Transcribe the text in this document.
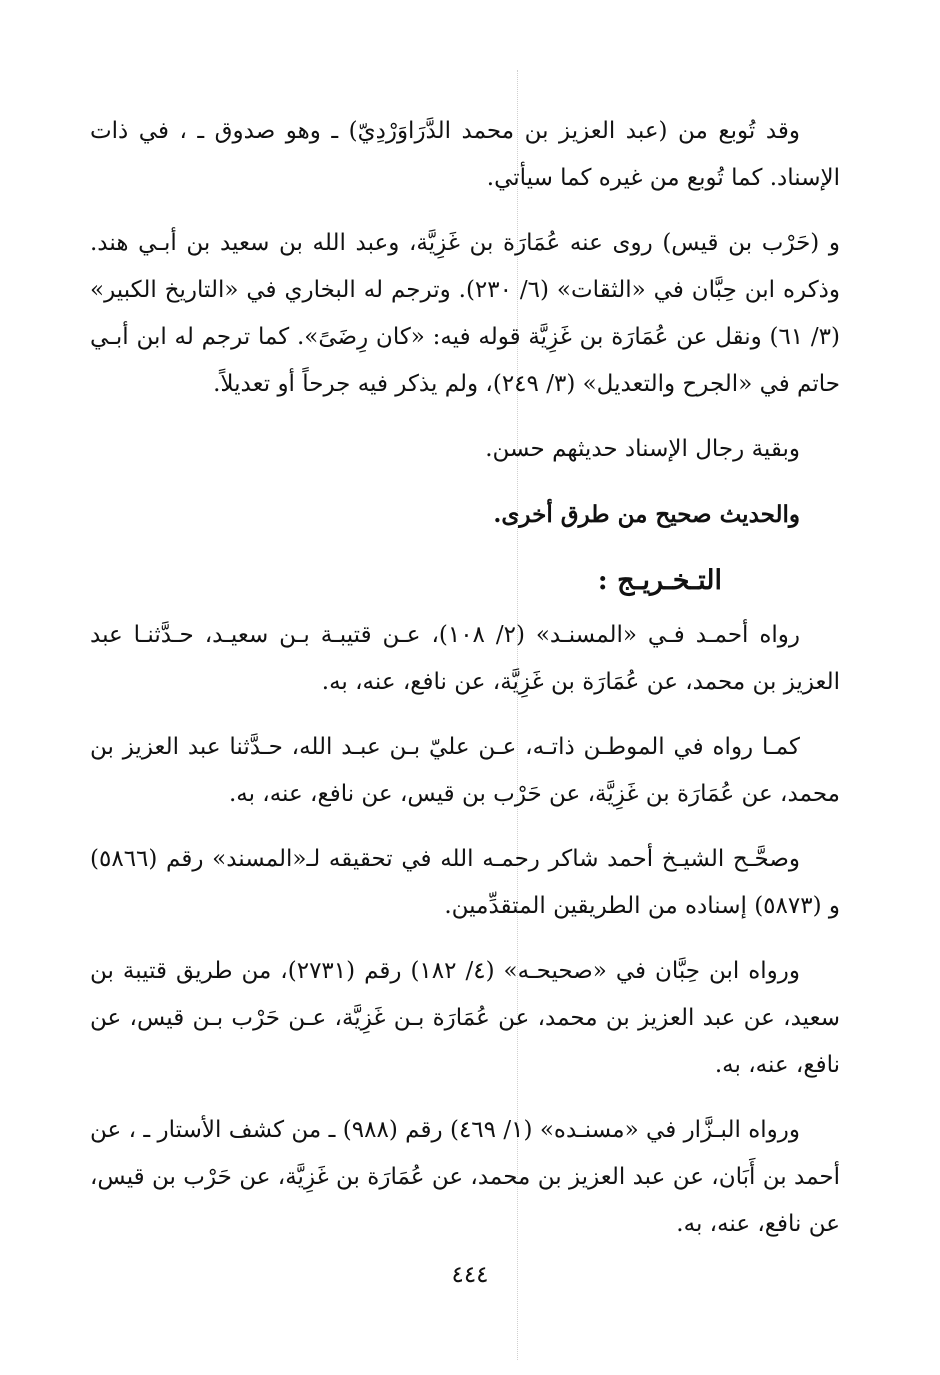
وقد تُوبع من (عبد العزيز بن محمد الدَّرَاوَرْدِيّ) ـ وهو صدوق ـ ، في ذات الإسناد. كما تُوبع من غيره كما سيأتي.

و (حَرْب بن قيس) روى عنه عُمَارَة بن غَزِيَّة، وعبد الله بن سعيد بن أبـي هند. وذكره ابن حِبَّان في «الثقات» (٦/ ٢٣٠). وترجم له البخاري في «التاريخ الكبير» (٣/ ٦١) ونقل عن عُمَارَة بن غَزِيَّة قوله فيه: «كان رِضَىً». كما ترجم له ابن أبـي حاتم في «الجرح والتعديل» (٣/ ٢٤٩)، ولم يذكر فيه جرحاً أو تعديلاً.

وبقية رجال الإسناد حديثهم حسن.

والحديث صحيح من طرق أخرى.

التـخـريـج :

رواه أحمـد فـي «المسنـد» (٢/ ١٠٨)، عـن قتيبـة بـن سعيـد، حـدَّثنـا عبد العزيز بن محمد، عن عُمَارَة بن غَزِيَّة، عن نافع، عنه، به.

كمـا رواه في الموطـن ذاتـه، عـن عليّ بـن عبـد الله، حـدَّثنا عبد العزيز بن محمد، عن عُمَارَة بن غَزِيَّة، عن حَرْب بن قيس، عن نافع، عنه، به.

وصحَّـح الشيـخ أحمد شاكر رحمـه الله في تحقيقه لـ«المسند» رقم (٥٨٦٦) و (٥٨٧٣) إسناده من الطريقين المتقدِّمين.

ورواه ابن حِبَّان في «صحيحـه» (٤/ ١٨٢) رقم (٢٧٣١)، من طريق قتيبة بن سعيد، عن عبد العزيز بن محمد، عن عُمَارَة بـن غَزِيَّة، عـن حَرْب بـن قيس، عن نافع، عنه، به.

ورواه البـزَّار في «مسنـده» (١/ ٤٦٩) رقم (٩٨٨) ـ من كشف الأستار ـ ، عن أحمد بن أَبَان، عن عبد العزيز بن محمد، عن عُمَارَة بن غَزِيَّة، عن حَرْب بن قيس، عن نافع، عنه، به.

٤٤٤
